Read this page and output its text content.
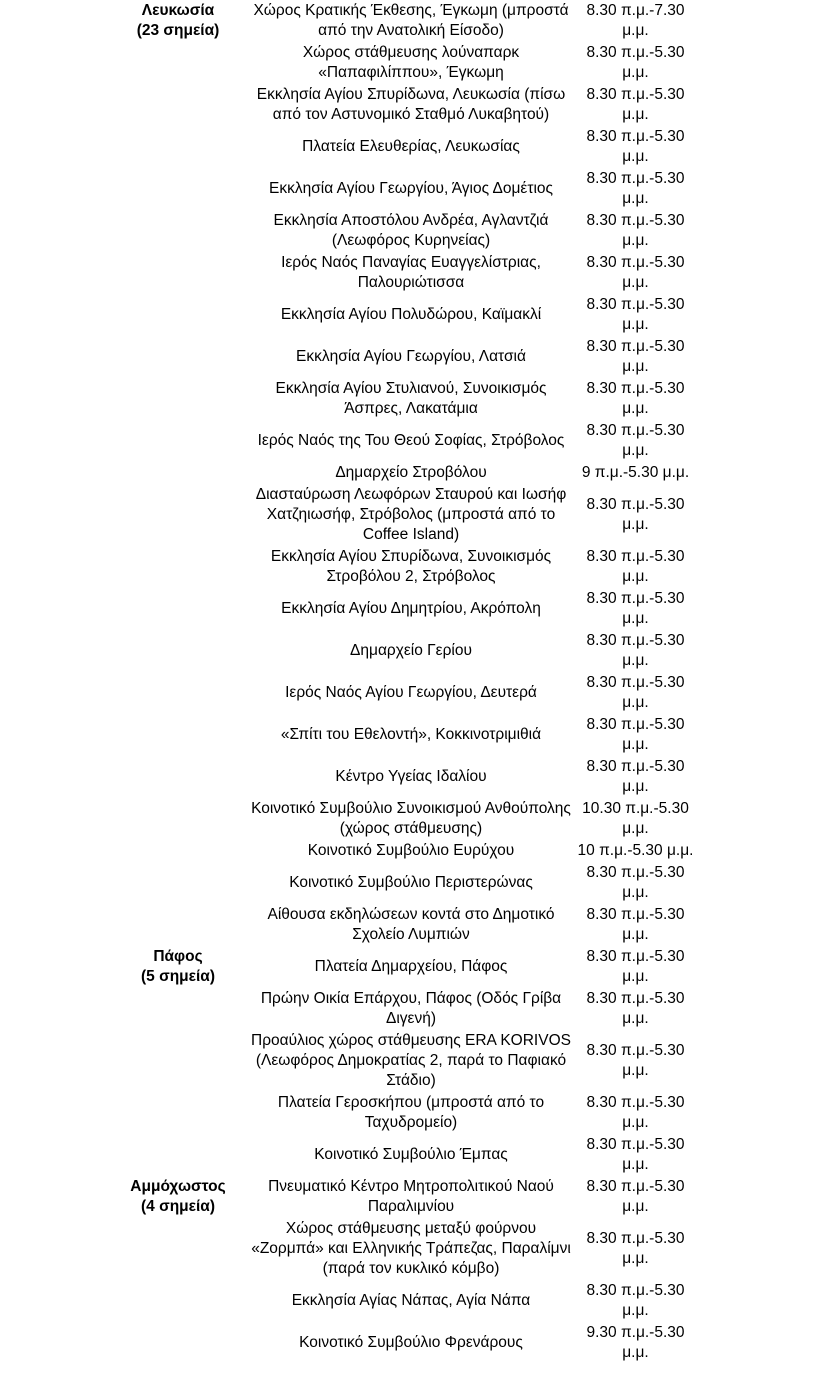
Λευκωσία
(23 σημεία)	Χώρος Κρατικής Έκθεσης, Έγκωμη (μπροστά από την Ανατολική Είσοδο)	8.30 π.μ.-7.30 μ.μ.
	Χώρος στάθμευσης λούναπαρκ «Παπαφιλίππου», Έγκωμη	8.30 π.μ.-5.30 μ.μ.
	Εκκλησία Αγίου Σπυρίδωνα, Λευκωσία (πίσω από τον Αστυνομικό Σταθμό Λυκαβητού)	8.30 π.μ.-5.30 μ.μ.
	Πλατεία Ελευθερίας, Λευκωσίας	8.30 π.μ.-5.30 μ.μ.
	Εκκλησία Αγίου Γεωργίου, Άγιος Δομέτιος	8.30 π.μ.-5.30 μ.μ.
	Εκκλησία Αποστόλου Ανδρέα, Αγλαντζιά (Λεωφόρος Κυρηνείας)	8.30 π.μ.-5.30 μ.μ.
	Ιερός Ναός Παναγίας Ευαγγελίστριας, Παλουριώτισσα	8.30 π.μ.-5.30 μ.μ.
	Εκκλησία Αγίου Πολυδώρου, Καϊμακλί	8.30 π.μ.-5.30 μ.μ.
	Εκκλησία Αγίου Γεωργίου, Λατσιά	8.30 π.μ.-5.30 μ.μ.
	Εκκλησία Αγίου Στυλιανού, Συνοικισμός Άσπρες, Λακατάμια	8.30 π.μ.-5.30 μ.μ.
	Ιερός Ναός της Του Θεού Σοφίας, Στρόβολος	8.30 π.μ.-5.30 μ.μ.
	Δημαρχείο Στροβόλου	9 π.μ.-5.30 μ.μ.
	Διασταύρωση Λεωφόρων Σταυρού και Ιωσήφ Χατζηιωσήφ, Στρόβολος (μπροστά από το Coffee Island)	8.30 π.μ.-5.30 μ.μ.
	Εκκλησία Αγίου Σπυρίδωνα, Συνοικισμός Στροβόλου 2, Στρόβολος	8.30 π.μ.-5.30 μ.μ.
	Εκκλησία Αγίου Δημητρίου, Ακρόπολη	8.30 π.μ.-5.30 μ.μ.
	Δημαρχείο Γερίου	8.30 π.μ.-5.30 μ.μ.
	Ιερός Ναός Αγίου Γεωργίου, Δευτερά	8.30 π.μ.-5.30 μ.μ.
	«Σπίτι του Εθελοντή», Κοκκινοτριμιθιά	8.30 π.μ.-5.30 μ.μ.
	Κέντρο Υγείας Ιδαλίου	8.30 π.μ.-5.30 μ.μ.
	Κοινοτικό Συμβούλιο Συνοικισμού Ανθούπολης (χώρος στάθμευσης)	10.30 π.μ.-5.30 μ.μ.
	Κοινοτικό Συμβούλιο Ευρύχου	10 π.μ.-5.30 μ.μ.
	Κοινοτικό Συμβούλιο Περιστερώνας	8.30 π.μ.-5.30 μ.μ.
	Αίθουσα εκδηλώσεων κοντά στο Δημοτικό Σχολείο Λυμπιών	8.30 π.μ.-5.30 μ.μ.

Πάφος
(5 σημεία)	Πλατεία Δημαρχείου, Πάφος	8.30 π.μ.-5.30 μ.μ.
	Πρώην Οικία Επάρχου, Πάφος (Οδός Γρίβα Διγενή)	8.30 π.μ.-5.30 μ.μ.
	Προαύλιος χώρος στάθμευσης ERA KORIVOS (Λεωφόρος Δημοκρατίας 2, παρά το Παφιακό Στάδιο)	8.30 π.μ.-5.30 μ.μ.
	Πλατεία Γεροσκήπου (μπροστά από το Ταχυδρομείο)	8.30 π.μ.-5.30 μ.μ.
	Κοινοτικό Συμβούλιο Έμπας	8.30 π.μ.-5.30 μ.μ.

Αμμόχωστος
(4 σημεία)	Πνευματικό Κέντρο Μητροπολιτικού Ναού Παραλιμνίου	8.30 π.μ.-5.30 μ.μ.
	Χώρος στάθμευσης μεταξύ φούρνου «Ζορμπά» και Ελληνικής Τράπεζας, Παραλίμνι (παρά τον κυκλικό κόμβο)	8.30 π.μ.-5.30 μ.μ.
	Εκκλησία Αγίας Νάπας, Αγία Νάπα	8.30 π.μ.-5.30 μ.μ.
	Κοινοτικό Συμβούλιο Φρενάρους	9.30 π.μ.-5.30 μ.μ.
